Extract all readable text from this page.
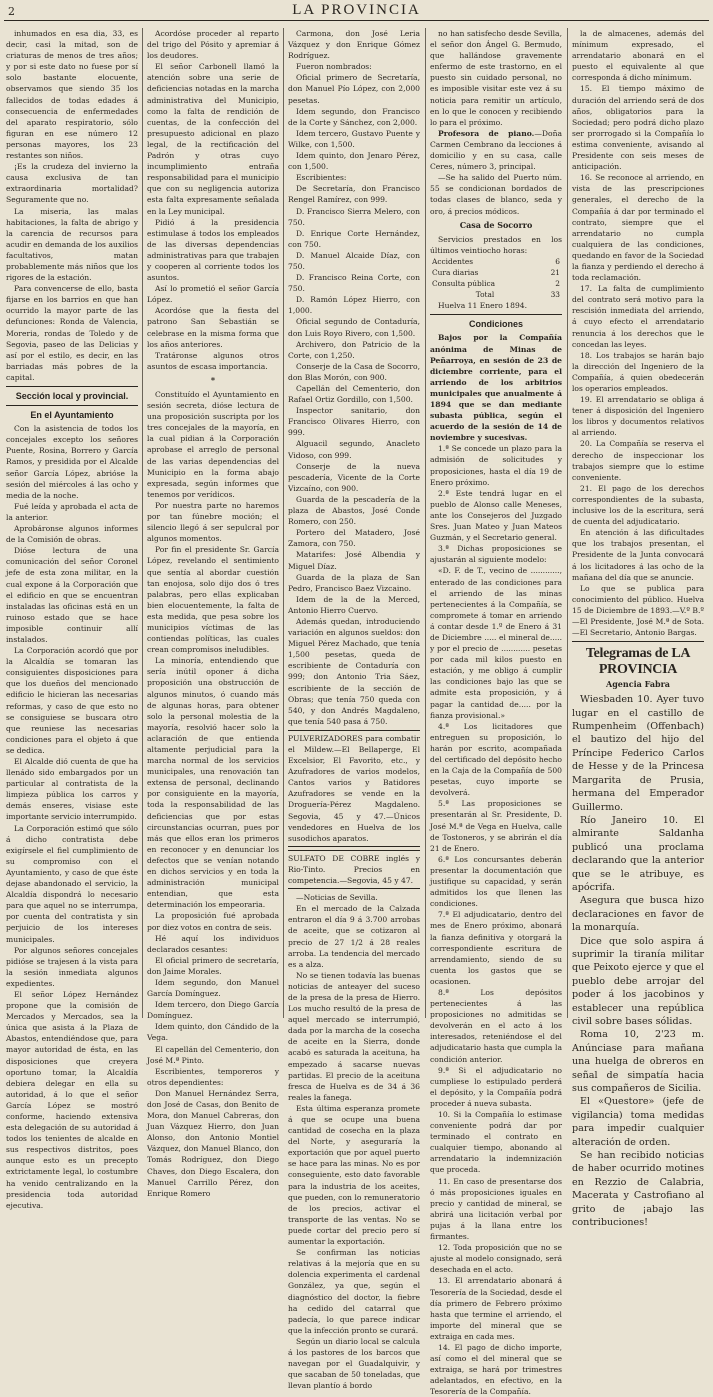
2	LA PROVINCIA

inhumados en esa dia, 33, es decir, casi la mitad, son de criaturas de menos de tres años; y por si este dato no fuese por sí solo bastante elocuente, observamos que siendo 35 los fallecidos de todas edades á consecuencia de enfermedades del aparato respiratorio, sólo figuran en ese número 12 personas mayores, los 23 restantes son niños.

¡Es la crudeza del invierno la causa exclusiva de tan extraordinaria mortalidad? Seguramente que no.

La miseria, las malas habitaciones, la falta de abrigo y la carencia de recursos para acudir en demanda de los auxilios facultativos, matan probablemente más niños que los rigores de la estación.

Para convencerse de ello, basta fijarse en los barrios en que han ocurrido la mayor parte de las defunciones: Ronda de Valencia, Moreria, rondas de Toledo y de Segovia, paseo de las Delicias y así por el estilo, es decir, en las barriadas más pobres de la capital.

Sección local y provincial.
En el Ayuntamiento

Con la asistencia de todos los concejales excepto los señores Puente, Rosina, Borrero y García Ramos, y presidida por el Alcalde señor García López, abrióse la sesión del miércoles á las ocho y media de la noche.

Fué leída y aprobada el acta de la anterior.

Aprobáronse algunos informes de la Comisión de obras.

Dióse lectura de una comunicación del señor Coronel jefe de esta zona militar, en la cual expone á la Corporación que el edificio en que se encuentran instaladas las oficinas está en un ruinoso estado que se hace imposible continuir allí instalados.

La Corporación acordó que por la Alcaldía se tomaran las consiguientes disposiciones para que los dueños del mencionado edificio le hicieran las necesarias reformas, y caso de que esto no se consiguiese se buscara otro que reuniese las necesarias condiciones para el objeto á que se dedica.

El Alcalde dió cuenta de que ha llenádo sido embargados por un particular al contratista de la limpieza pública los carros y demás enseres, visiase este importante servicio interrumpido.

La Corporación estimó que sólo á dicho contratista debe exigírsele el fiel cumplimiento de su compromiso con el Ayuntamiento, y caso de que éste dejase abandonado el servicio, la Alcaldía dispondrá lo necesario para que aquel no se interrumpa, por cuenta del contratista y sin perjuicio de los intereses municipales.

Por algunos señores concejales pidióse se trajesen á la vista para la sesión inmediata algunos expedientes.

El señor López Hernández propone que la comisión de Mercados y Mercados, sea la única que asista á la Plaza de Abastos, entendiéndose que, para mayor autoridad de ésta, en las disposiciones que creyera oportuno tomar, la Alcaldía debiera delegar en ella su autoridad, á lo que el señor García López se mostró conforme, haciendo extensiva esta delegación de su autoridad á todos los tenientes de alcalde en sus respectivos distritos, poes aunque esto es un precepto extrictamente legal, lo costumbre ha venido centralizando en la presidencia toda autoridad ejecutiva.

Acordóse proceder al reparto del trigo del Pósito y apremiar á los deudores.

El señor Carbonell llamó la atención sobre una serie de deficiencias notadas en la marcha administrativa del Municipio, como la falta de rendición de cuentas, de la confección del presupuesto adicional en plazo legal, de la rectificación del Padrón y otras cuyo incumplimiento entraña responsabilidad para el municipio que con su negligencia autoriza esta falta expresamente señalada en la Ley municipal.

Pidió á la presidencia estimulase á todos los empleados de las diversas dependencias administrativas para que trabajen y cooperen al corriente todos los asuntos.

Así lo prometió el señor García López.

Acordóse que la fiesta del patrono San Sebastián se celebrase en la misma forma que los años anteriores.

Tratáronse algunos otros asuntos de escasa importancia.

*

Constituído el Ayuntamiento en sesión secreta, dióse lectura de una proposición suscripta por los tres concejales de la mayoría, en la cual pidian á la Corporación aprobase el arreglo de personal de las varias dependencias del Municipio en la forma abajo expresada, según informes que tenemos por verídicos.

Por nuestra parte no haremos por tan fúnebre moción; el silencio llegó á ser sepulcral por algunos momentos.

Por fin el presidente Sr. García López, revelando el sentimiento que sentía al abordar cuestión tan enojosa, solo dijo dos ó tres palabras, pero ellas explicaban bien elocuentemente, la falta de esta medida, que pesa sobre los municipios víctimas de las contiendas políticas, las cuales crean compromisos ineludibles.

La minoría, entendiendo que sería inútil oponer á dicha proposición una obstrucción de algunos minutos, ó cuando más de algunas horas, para obtener solo la personal molestia de la mayoría, resolvió hacer solo la aclaración de que entienda altamente perjudicial para la marcha normal de los servicios municipales, una renovación tan extensa de personal, declinando por consiguiente en la mayoría, toda la responsabilidad de las deficiencias que por estas circunstancias ocurran, pues por más que ellos eran los primeros en reconocer y en denunciar los defectos que se venían notando en dichos servicios y en toda la administración municipal entendian, que esta determinación los empeoraria.

La proposición fué aprobada por diez votos en contra de seis.

Hé aquí los individuos declarados cesantes:

El oficial primero de secretaría, don Jaime Morales.

Idem segundo, don Manuel García Domínguez.

Idem tercero, don Diego García Domínguez.

Idem quinto, don Cándido de la Vega.

El capellán del Cementerio, don José M.ª Pinto.

Escribientes, temporeros y otros dependientes:

Don Manuel Hernández Serra, don José de Casas, don Benito de Mora, don Manuel Cabreras, don Juan Vázquez Hierro, don Juan Alonso, don Antonio Montiel Vázquez, don Manuel Blanco, don Tomás Rodríguez, don Diego Chaves, don Diego Escalera, don Manuel Carrillo Pérez, don Enrique Romero

Carmona, don José Leria Vázquez y don Enrique Gómez Rodríguez.

Fueron nombrados:

Oficial primero de Secretaría, don Manuel Pío López, con 2,000 pesetas.

Idem segundo, don Francisco de la Corte y Sánchez, con 2,000.

Idem tercero, Gustavo Puente y Wilke, con 1,500.

Idem quinto, don Jenaro Pérez, con 1,500.

Escribientes:

De Secretaría, don Francisco Rengel Ramírez, con 999.

D. Francisco Sierra Melero, con 750.

D. Enrique Corte Hernández, con 750.

D. Manuel Alcaide Díaz, con 750.

D. Francisco Reina Corte, con 750.

D. Ramón López Hierro, con 1,000.

Oficial segundo de Contaduría, don Luis Royo Rivero, con 1,500.

Archivero, don Patricio de la Corte, con 1,250.

Conserje de la Casa de Socorro, don Blas Morón, con 900.

Capellán del Cementerio, don Rafael Ortiz Gordillo, con 1,500.

Inspector sanitario, don Francisco Olivares Hierro, con 999.

Alguacil segundo, Anacleto Vidoso, con 999.

Conserje de la nueva pescadería, Vicente de la Corte Vizcaíno, con 900.

Guarda de la pescadería de la plaza de Abastos, José Conde Romero, con 250.

Portero del Matadero, José Zamora, con 750.

Matarifes: José Albendia y Miguel Díaz.

Guarda de la plaza de San Pedro, Francisco Baez Vizcaino.

Idem de la de la Merced, Antonio Hierro Cuervo.

Además quedan, introduciendo variación en algunos sueldos: don Miguel Pérez Machado, que tenía 1,500 pesetas, queda de escribiente de Contaduría con 999; don Antonio Tria Sáez, escribiente de la sección de Obras; que tenía 750 queda con 540, y don Andrés Magdaleno, que tenía 540 pasa á 750.

PULVERIZADORES para combatir el Mildew.—El Bellaperge, El Excelsior, El Favorito, etc., y Azufradores de varios modelos, Cantos varios y Batidores Azufradores se vende en la Droguería-Pérez Magdaleno. Segovia, 45 y 47.—Únicos vendedores en Huelva de los susodichos aparatos.

SULFATO DE COBRE inglés y Rio-Tinto. Precios en competencia.—Segovia, 45 y 47.

—Noticias de Sevilla.

En el mercado de la Calzada entraron el día 9 á 3.700 arrobas de aceite, que se cotizaron al precio de 27 1/2 á 28 reales arroba. La tendencia del mercado es a alza.

No se tienen todavía las buenas noticias de anteayer del suceso de la presa de la presa de Hierro. Los mucho resultó de la presa de aquel mercado se interrumpió, dada por la marcha de la cosecha de aceite en la Sierra, donde acabó es saturada la aceituna, ha empezado á sacarse nuevas partidas. El precio de la aceituna fresca de Huelva es de 34 á 36 reales la fanega.

Esta última esperanza promete á que se ocupe una buena cantidad de cosecha en la plaza del Norte, y aseguraría la exportación que por aquel puerto se hace para las minas. No es por conseguiente, esto dato favorable para la industria de los aceites, que pueden, con lo remuneratorio de los precios, activar el transporte de las ventas. No se puede cortar del precio pero sí aumentar la exportación.

Se confirman las noticias relativas á la mejoría que en su dolencia experimenta el cardenal González, ya que, según el diagnóstico del doctor, la fiebre ha cedido del catarral que padecía, lo que parece indicar que la infección pronto se curará.

Según un diario local se calcula á los pastores de los barcos que navegan por el Guadalquivir, y que sacaban de 50 toneladas, que llevan plantío á bordo

no han satisfecho desde Sevilla, el señor don Ángel G. Bermudo, que hallándose gravemente enfermo de este trastorno, en el puesto sin cuidado personal, no es imposible visitar este vez á su noticia para remitir un artículo, en lo que le conocen y recibiendo lo para el próximo.

Profesora de piano.—Doña Carmen Cembrano da lecciones á domicilio y en su casa, calle Ceres, número 3, principal.

—Se ha salido del Puerto núm. 55 se condicionan bordados de todas clases de blanco, seda y oro, á precios módicos.

Casa de Socorro

Servicios prestados en los últimos veintiocho horas:

Accidentes	6
Cura diarias	21
Consulta pública	2
Total	33

Huelva 11 Enero 1894.

Condiciones

Bajos por la Compañía anónima de Minas de Peñarroya, en sesión de 23 de diciembre corriente, para el arriendo de los arbitrios municipales que anualmente á 1894 que se dan mediante subasta pública, según el acuerdo de la sesión de 14 de noviembre y sucesivas.

1.ª Se concede un plazo para la admisión de solicitudes y proposiciones, hasta el día 19 de Enero próximo.

2.ª Este tendrá lugar en el pueblo de Alonso calle Meneses, ante los Consejeros del Juzgado Sres. Juan Mateo y Juan Mateos Guzmán, y el Secretario general.

3.ª Dichas proposiciones se ajustarán al siguiente modelo:

«D. F. de T., vecino de ............, enterado de las condiciones para el arriendo de las minas pertenecientes á la Compañía, se compromete á tomar en arriendo á contar desde 1.º de Enero á 31 de Diciembre ..... el mineral de..... y por el precio de ............ pesetas por cada mil kilos puesto en estación, y me obligo á cumplir las condiciones bajo las que se admite esta proposición, y á pagar la cantidad de..... por la fianza provisional.»

4.ª Los licitadores que entreguen su proposición, lo harán por escrito, acompañada del certificado del depósito hecho en la Caja de la Compañía de 500 pesetas, cuyo importe se devolverá.

5.ª Las proposiciones se presentarán al Sr. Presidente, D. José M.ª de Vega en Huelva, calle de Tostoneros, y se abrirán el día 21 de Enero.

6.ª Los concursantes deberán presentar la documentación que justifique su capacidad, y serán admitidos los que llenen las condiciones.

7.ª El adjudicatario, dentro del mes de Enero próximo, abonará la fianza definitiva y otorgará la correspondiente escritura de arrendamiento, siendo de su cuenta los gastos que se ocasionen.

8.ª Los depósitos pertenecientes á las proposiciones no admitidas se devolverán en el acto á los interesados, reteniéndose el del adjudicatario hasta que cumpla la condición anterior.

9.ª Si el adjudicatario no cumpliese lo estipulado perderá el depósito, y la Compañía podrá proceder á nueva subasta.

10. Si la Compañía lo estimase conveniente podrá dar por terminado el contrato en cualquier tiempo, abonando al arrendatario la indemnización que proceda.

11. En caso de presentarse dos ó más proposiciones iguales en precio y cantidad de mineral, se abrirá una licitación verbal por pujas á la llana entre los firmantes.

12. Toda proposición que no se ajuste al modelo consignado, será desechada en el acto.

13. El arrendatario abonará á Tesorería de la Sociedad, desde el día primero de Febrero próximo hasta que termine el arriendo, el importe del mineral que se extraiga en cada mes.

14. El pago de dicho importe, así como el del mineral que se extraiga, se hará por trimestres adelantados, en efectivo, en la Tesorería de la Compañía.

la de almacenes, además del mínimum expresado, el arrendatario abonará en el puesto el equivalente al que corresponda á dicho mínimum.

15. El tiempo máximo de duración del arriendo será de dos años, obligatorios para la Sociedad; pero podrá dicho plazo ser prorrogado si la Compañía lo estima conveniente, avisando al Presidente con seis meses de anticipación.

16. Se reconoce al arriendo, en vista de las prescripciones generales, el derecho de la Compañía á dar por terminado el contrato, siempre que el arrendatario no cumpla cualquiera de las condiciones, quedando en favor de la Sociedad la fianza y perdiendo el derecho á toda reclamación.

17. La falta de cumplimiento del contrato será motivo para la rescisión inmediata del arriendo, á cuyo efecto el arrendatario renuncia á los derechos que le concedan las leyes.

18. Los trabajos se harán bajo la dirección del Ingeniero de la Compañía, á quien obedecerán los operarios empleados.

19. El arrendatario se obliga á tener á disposición del Ingeniero los libros y documentos relativos al arriendo.

20. La Compañía se reserva el derecho de inspeccionar los trabajos siempre que lo estime conveniente.

21. El pago de los derechos correspondientes de la subasta, inclusive los de la escritura, será de cuenta del adjudicatario.

En atención á las dificultades que los trabajos presentan, el Presidente de la Junta convocará á los licitadores á las ocho de la mañana del día que se anuncie.

Lo que se publica para conocimiento del público. Huelva 15 de Diciembre de 1893.—V.º B.º—El Presidente, José M.ª de Sota.—El Secretario, Antonio Bargas.

Telegramas de LA PROVINCIA
Agencia Fabra

Wiesbaden 10. Ayer tuvo lugar en el castillo de Rumpenheim (Offenbach) el bautizo del hijo del Príncipe Federico Carlos de Hesse y de la Princesa Margarita de Prusia, hermana del Emperador Guillermo.

Río Janeiro 10. El almirante Saldanha publicó una proclama declarando que la anterior que se le atribuye, es apócrifa.

Asegura que busca hizo declaraciones en favor de la monarquía.

Dice que solo aspira á suprimir la tiranía militar que Peixoto ejerce y que el pueblo debe arrojar del poder á los jacobinos y establecer una república civil sobre bases sólidas.

Roma 10, 2'23 m. Anúnciase para mañana una huelga de obreros en señal de simpatía hacia sus compañeros de Sicilia.

El «Questore» (jefe de vigilancia) toma medidas para impedir cualquier alteración de orden.

Se han recibido noticias de haber ocurrido motines en Rezzio de Calabria, Macerata y Castrofiano al grito de ¡abajo las contribuciones!
